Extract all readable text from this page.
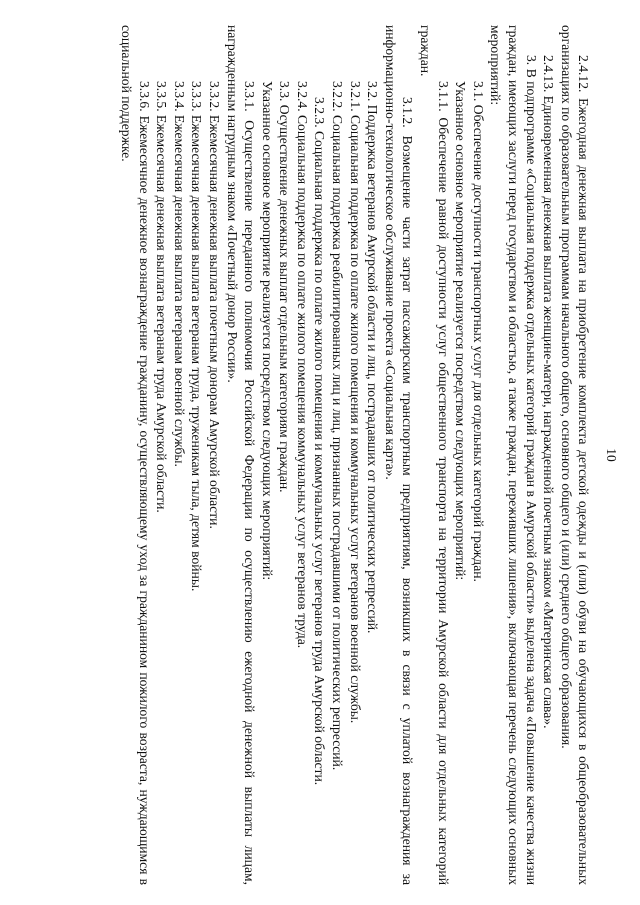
10

2.4.12. Ежегодная денежная выплата на приобретение комплекта детской одежды и (или) обуви на обучающихся в общеобразовательных организациях по образовательным программам начального общего, основного общего и (или) среднего общего образования.

2.4.13. Единовременная денежная выплата женщине-матери, награжденной почетным знаком «Материнская слава».

3. В подпрограмме «Социальная поддержка отдельных категорий граждан в Амурской области» выделена задача «Повышение качества жизни граждан, имеющих заслуги перед государством и областью, а также граждан, переживших лишения», включающая перечень следующих основных мероприятий:

3.1. Обеспечение доступности транспортных услуг для отдельных категорий граждан.

Указанное основное мероприятие реализуется посредством следующих мероприятий:

3.1.1. Обеспечение равной доступности услуг общественного транспорта на территории Амурской области для отдельных категорий граждан.

3.1.2. Возмещение части затрат пассажирским транспортным предприятиям, возникших в связи с уплатой вознаграждения за информационно-технологическое обслуживание проекта «Социальная карта».

3.2. Поддержка ветеранов Амурской области и лиц, пострадавших от политических репрессий.

3.2.1. Социальная поддержка по оплате жилого помещения и коммунальных услуг ветеранов военной службы.

3.2.2. Социальная поддержка реабилитированных лиц и лиц, признанных пострадавшими от политических репрессий.

3.2.3. Социальная поддержка по оплате жилого помещения и коммунальных услуг ветеранов труда Амурской области.

3.2.4. Социальная поддержка по оплате жилого помещения коммунальных услуг ветеранов труда.

3.3. Осуществление денежных выплат отдельным категориям граждан.

Указанное основное мероприятие реализуется посредством следующих мероприятий:

3.3.1. Осуществление переданного полномочия Российской Федерации по осуществлению ежегодной денежной выплаты лицам, награжденным нагрудным знаком «Почетный донор России».

3.3.2. Ежемесячная денежная выплата почетным донорам Амурской области.

3.3.3. Ежемесячная денежная выплата ветеранам труда, труженикам тыла, детям войны.

3.3.4. Ежемесячная денежная выплата ветеранам военной службы.

3.3.5. Ежемесячная денежная выплата ветеранам труда Амурской области.

3.3.6. Ежемесячное денежное вознаграждение гражданину, осуществляющему уход за гражданином пожилого возраста, нуждающимся в социальной поддержке.
